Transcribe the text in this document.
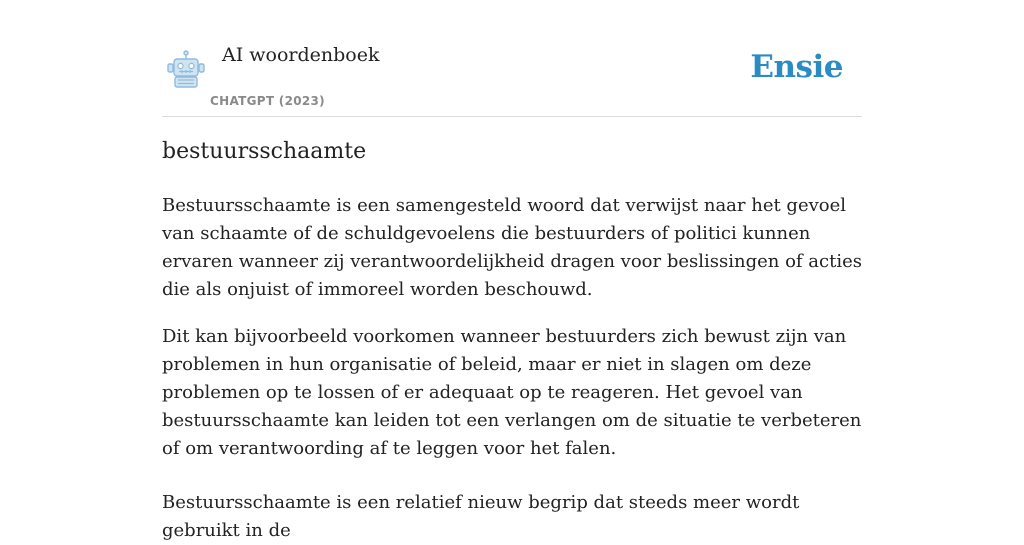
AI woordenboek
CHATGPT (2023)
Ensie
bestuursschaamte

Bestuursschaamte is een samengesteld woord dat verwijst naar het gevoel van schaamte of de schuldgevoelens die bestuurders of politici kunnen ervaren wanneer zij verantwoordelijkheid dragen voor beslissingen of acties die als onjuist of immoreel worden beschouwd.

Dit kan bijvoorbeeld voorkomen wanneer bestuurders zich bewust zijn van problemen in hun organisatie of beleid, maar er niet in slagen om deze problemen op te lossen of er adequaat op te reageren. Het gevoel van bestuursschaamte kan leiden tot een verlangen om de situatie te verbeteren of om verantwoording af te leggen voor het falen.

Bestuursschaamte is een relatief nieuw begrip dat steeds meer wordt gebruikt in de
